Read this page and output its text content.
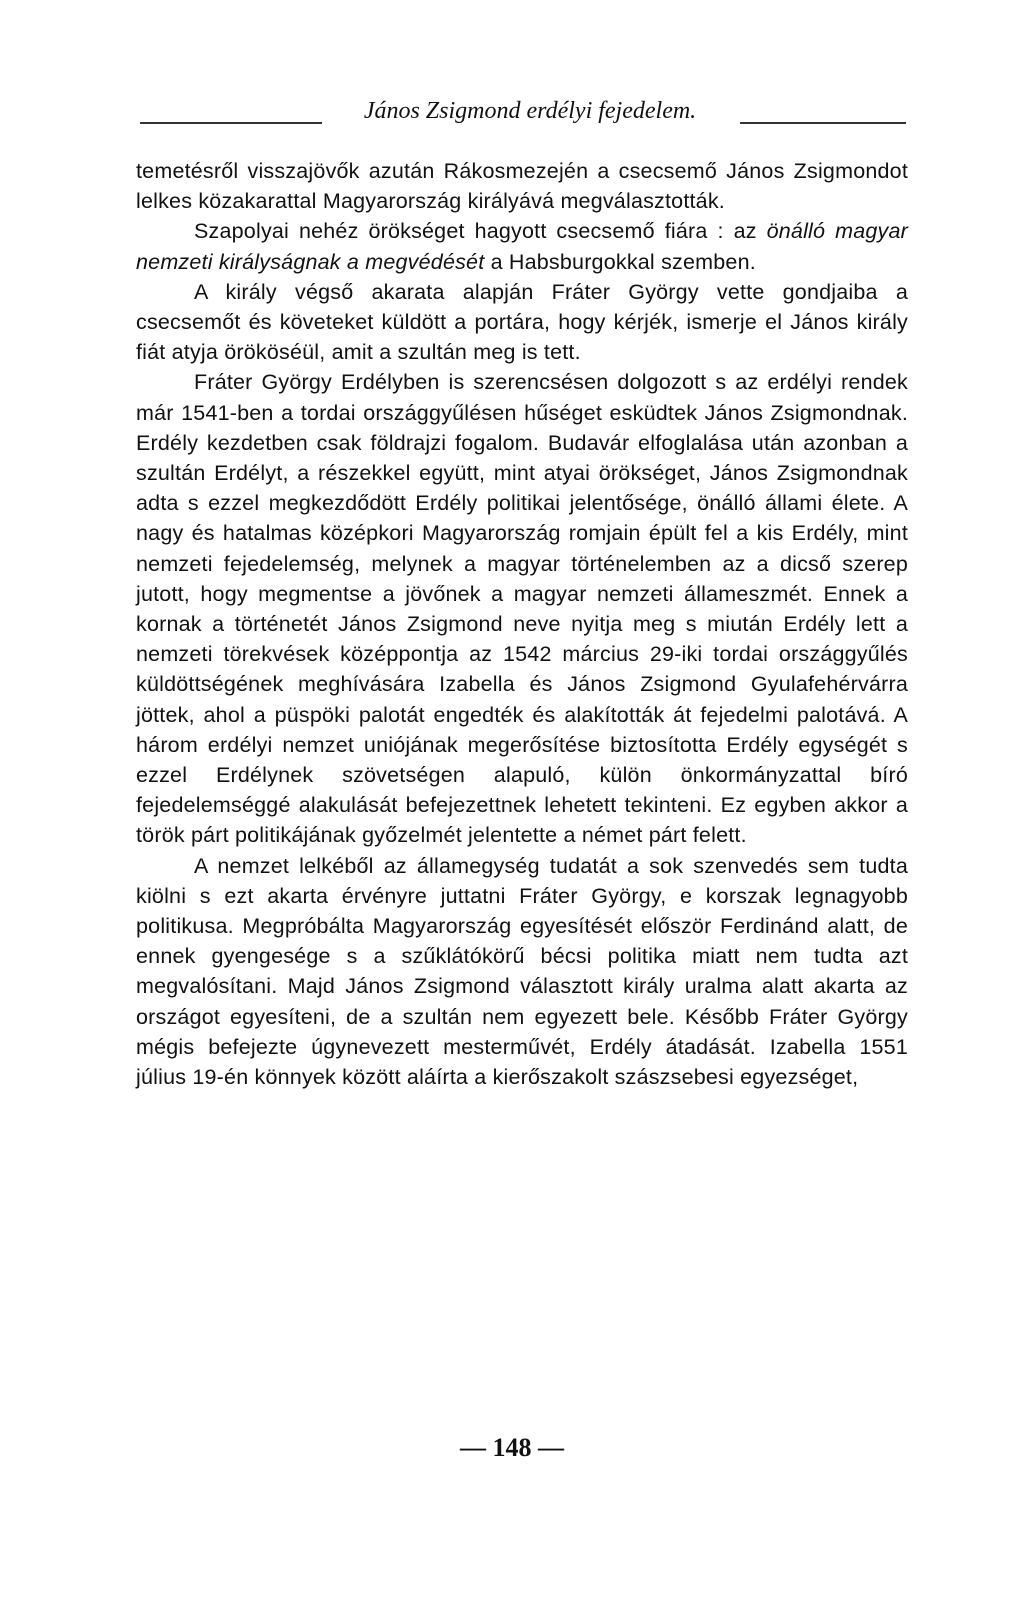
János Zsigmond erdélyi fejedelem.

temetésről visszajövők azután Rákosmezején a csecsemő János Zsigmondot lelkes közakarattal Magyarország királyává megválasztották.

Szapolyai nehéz örökséget hagyott csecsemő fiára : az önálló magyar nemzeti királyságnak a megvédését a Habsburgokkal szemben.

A király végső akarata alapján Fráter György vette gondjaiba a csecsemőt és követeket küldött a portára, hogy kérjék, ismerje el János király fiát atyja örököséül, amit a szultán meg is tett.

Fráter György Erdélyben is szerencsésen dolgozott s az erdélyi rendek már 1541-ben a tordai országgyűlésen hűséget esküdtek János Zsigmondnak. Erdély kezdetben csak földrajzi fogalom. Budavár elfoglalása után azonban a szultán Erdélyt, a részekkel együtt, mint atyai örökséget, János Zsigmondnak adta s ezzel megkezdődött Erdély politikai jelentősége, önálló állami élete. A nagy és hatalmas középkori Magyarország romjain épült fel a kis Erdély, mint nemzeti fejedelemség, melynek a magyar történelemben az a dicső szerep jutott, hogy megmentse a jövőnek a magyar nemzeti állameszmét. Ennek a kornak a történetét János Zsigmond neve nyitja meg s miután Erdély lett a nemzeti törekvések középpontja az 1542 március 29-iki tordai országgyűlés küldöttségének meghívására Izabella és János Zsigmond Gyulafehérvárra jöttek, ahol a püspöki palotát engedték és alakították át fejedelmi palotává. A három erdélyi nemzet uniójának megerősítése biztosította Erdély egységét s ezzel Erdélynek szövetségen alapuló, külön önkormányzattal bíró fejedelemséggé alakulását befejezettnek lehetett tekinteni. Ez egyben akkor a török párt politikájának győzelmét jelentette a német párt felett.

A nemzet lelkéből az államegység tudatát a sok szenvedés sem tudta kiölni s ezt akarta érvényre juttatni Fráter György, e korszak legnagyobb politikusa. Megpróbálta Magyarország egyesítését először Ferdinánd alatt, de ennek gyengesége s a szűklátókörű bécsi politika miatt nem tudta azt megvalósítani. Majd János Zsigmond választott király uralma alatt akarta az országot egyesíteni, de a szultán nem egyezett bele. Később Fráter György mégis befejezte úgynevezett mesterművét, Erdély átadását. Izabella 1551 július 19-én könnyek között aláírta a kierőszakolt szászsebesi egyezséget,

— 148 —
